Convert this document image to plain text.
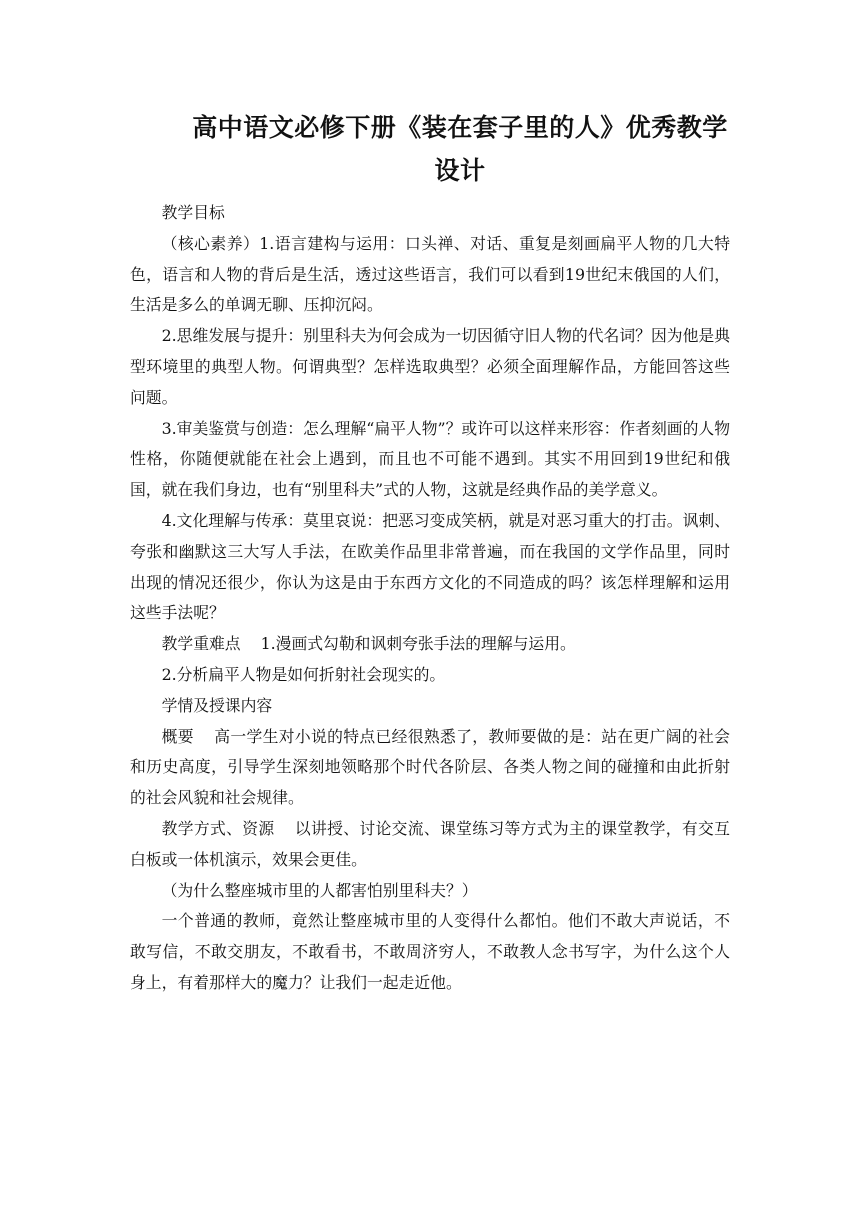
高中语文必修下册《装在套子里的人》优秀教学
设计

教学目标

（核心素养）1.语言建构与运用：口头禅、对话、重复是刻画扁平人物的几大特色，语言和人物的背后是生活，透过这些语言，我们可以看到19世纪末俄国的人们，生活是多么的单调无聊、压抑沉闷。

2.思维发展与提升：别里科夫为何会成为一切因循守旧人物的代名词？因为他是典型环境里的典型人物。何谓典型？怎样选取典型？必须全面理解作品，方能回答这些问题。

3.审美鉴赏与创造：怎么理解“扁平人物”？或许可以这样来形容：作者刻画的人物性格，你随便就能在社会上遇到，而且也不可能不遇到。其实不用回到19世纪和俄国，就在我们身边，也有“别里科夫”式的人物，这就是经典作品的美学意义。

4.文化理解与传承：莫里哀说：把恶习变成笑柄，就是对恶习重大的打击。讽刺、夸张和幽默这三大写人手法，在欧美作品里非常普遍，而在我国的文学作品里，同时出现的情况还很少，你认为这是由于东西方文化的不同造成的吗？该怎样理解和运用这些手法呢？

教学重难点 1.漫画式勾勒和讽刺夸张手法的理解与运用。

2.分析扁平人物是如何折射社会现实的。

学情及授课内容

概要 高一学生对小说的特点已经很熟悉了，教师要做的是：站在更广阔的社会和历史高度，引导学生深刻地领略那个时代各阶层、各类人物之间的碰撞和由此折射的社会风貌和社会规律。

教学方式、资源 以讲授、讨论交流、课堂练习等方式为主的课堂教学，有交互白板或一体机演示，效果会更佳。

（为什么整座城市里的人都害怕别里科夫？）

一个普通的教师，竟然让整座城市里的人变得什么都怕。他们不敢大声说话，不敢写信，不敢交朋友，不敢看书，不敢周济穷人，不敢教人念书写字，为什么这个人身上，有着那样大的魔力？让我们一起走近他。
